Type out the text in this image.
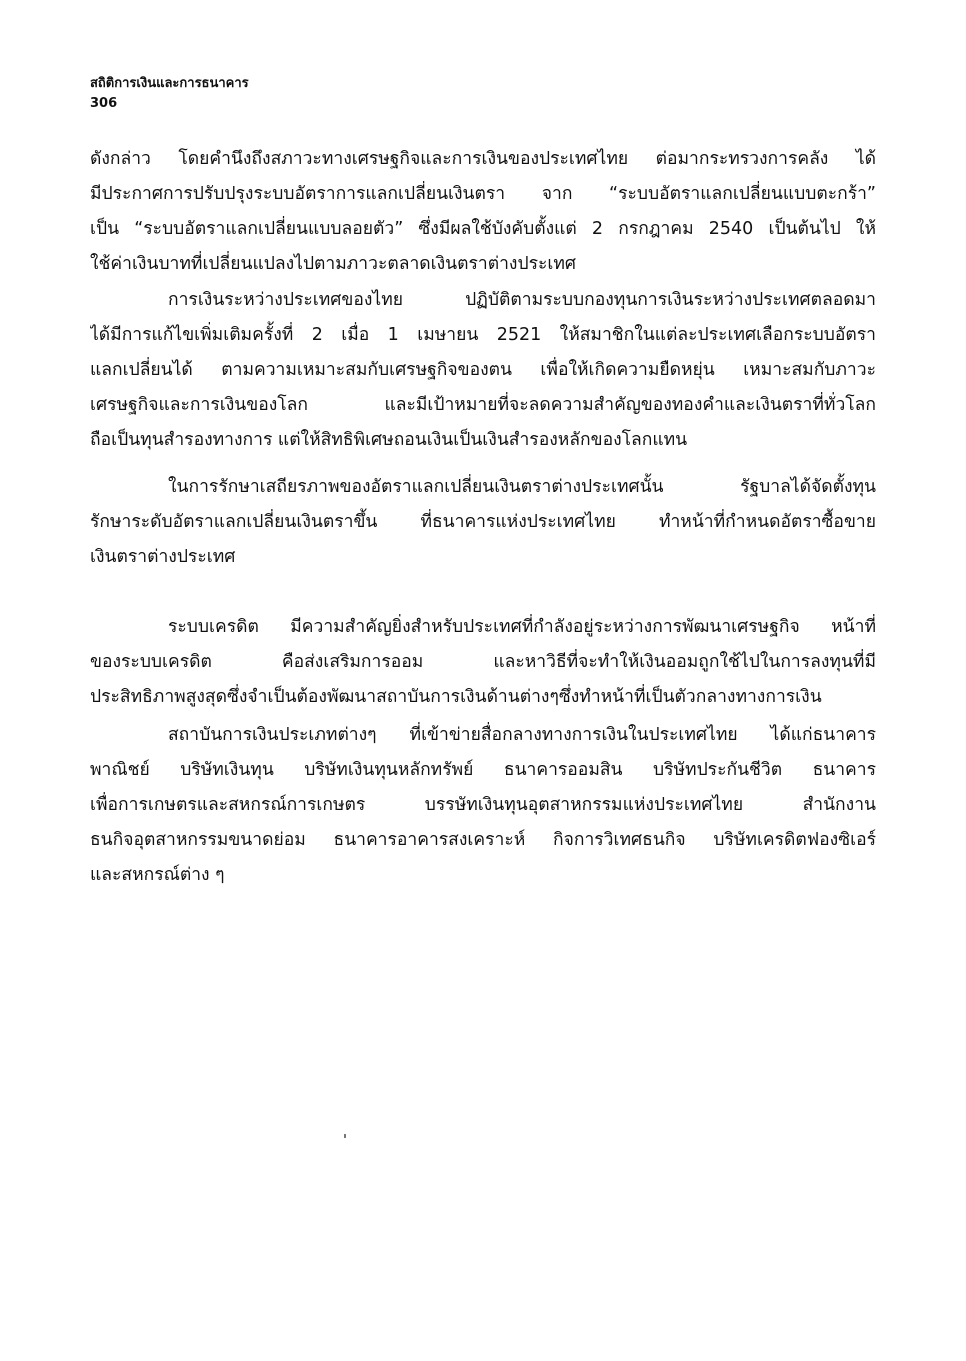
สถิติการเงินและการธนาคาร
306
ดังกล่าว โดยคำนึงถึงสภาวะทางเศรษฐกิจและการเงินของประเทศไทย ต่อมากระทรวงการคลัง ได้
มีประกาศการปรับปรุงระบบอัตราการแลกเปลี่ยนเงินตรา จาก “ระบบอัตราแลกเปลี่ยนแบบตะกร้า”
เป็น “ระบบอัตราแลกเปลี่ยนแบบลอยตัว” ซึ่งมีผลใช้บังคับตั้งแต่ 2 กรกฎาคม 2540 เป็นต้นไป ให้
ใช้ค่าเงินบาทที่เปลี่ยนแปลงไปตามภาวะตลาดเงินตราต่างประเทศ
การเงินระหว่างประเทศของไทย ปฏิบัติตามระบบกองทุนการเงินระหว่างประเทศตลอดมา
ได้มีการแก้ไขเพิ่มเติมครั้งที่ 2 เมื่อ 1 เมษายน 2521 ให้สมาชิกในแต่ละประเทศเลือกระบบอัตรา
แลกเปลี่ยนได้ ตามความเหมาะสมกับเศรษฐกิจของตน เพื่อให้เกิดความยืดหยุ่น เหมาะสมกับภาวะ
เศรษฐกิจและการเงินของโลก และมีเป้าหมายที่จะลดความสำคัญของทองคำและเงินตราที่ทั่วโลก
ถือเป็นทุนสำรองทางการ แต่ให้สิทธิพิเศษถอนเงินเป็นเงินสำรองหลักของโลกแทน
ในการรักษาเสถียรภาพของอัตราแลกเปลี่ยนเงินตราต่างประเทศนั้น รัฐบาลได้จัดตั้งทุน
รักษาระดับอัตราแลกเปลี่ยนเงินตราขึ้น ที่ธนาคารแห่งประเทศไทย ทำหน้าที่กำหนดอัตราซื้อขาย
เงินตราต่างประเทศ
ระบบเครดิต มีความสำคัญยิ่งสำหรับประเทศที่กำลังอยู่ระหว่างการพัฒนาเศรษฐกิจ หน้าที่
ของระบบเครดิต คือส่งเสริมการออม และหาวิธีที่จะทำให้เงินออมถูกใช้ไปในการลงทุนที่มี
ประสิทธิภาพสูงสุดซึ่งจำเป็นต้องพัฒนาสถาบันการเงินด้านต่างๆซึ่งทำหน้าที่เป็นตัวกลางทางการเงิน
สถาบันการเงินประเภทต่างๆ ที่เข้าข่ายสื่อกลางทางการเงินในประเทศไทย ได้แก่ธนาคาร
พาณิชย์ บริษัทเงินทุน บริษัทเงินทุนหลักทรัพย์ ธนาคารออมสิน บริษัทประกันชีวิต ธนาคาร
เพื่อการเกษตรและสหกรณ์การเกษตร บรรษัทเงินทุนอุตสาหกรรมแห่งประเทศไทย สำนักงาน
ธนกิจอุตสาหกรรมขนาดย่อม ธนาคารอาคารสงเคราะห์ กิจการวิเทศธนกิจ บริษัทเครดิตฟองซิเอร์
และสหกรณ์ต่าง ๆ
